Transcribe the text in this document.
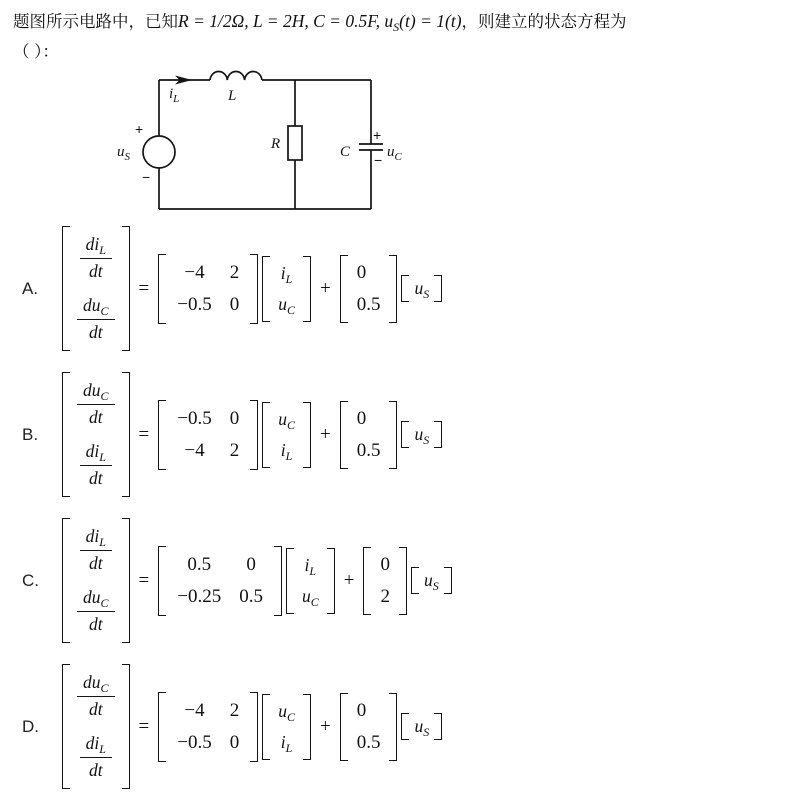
题图所示电路中，已知R = 1/2Ω, L = 2H, C = 0.5F, $u_S(t) = 1(t)$，则建立的状态方程为
（ ）：
$i_L$	L
R	C $u_C$
$u_S$
+
−
+
−
A.
$\frac{di_L}{dt}$
$\frac{du_C}{dt}$
=
−4 2
−0.5 0
$i_L$
$u_C$
+
0
0.5
$u_S$
B.
$\frac{du_C}{dt}$
$\frac{di_L}{dt}$
=
−0.5 0
−4 2
$u_C$
$i_L$
+
0
0.5
$u_S$
C.
$\frac{di_L}{dt}$
$\frac{du_C}{dt}$
=
0.5 0
−0.25 0.5
$i_L$
$u_C$
+
0
2
$u_S$
D.
$\frac{du_C}{dt}$
$\frac{di_L}{dt}$
=
−4 2
−0.5 0
$u_C$
$i_L$
+
0
0.5
$u_S$
